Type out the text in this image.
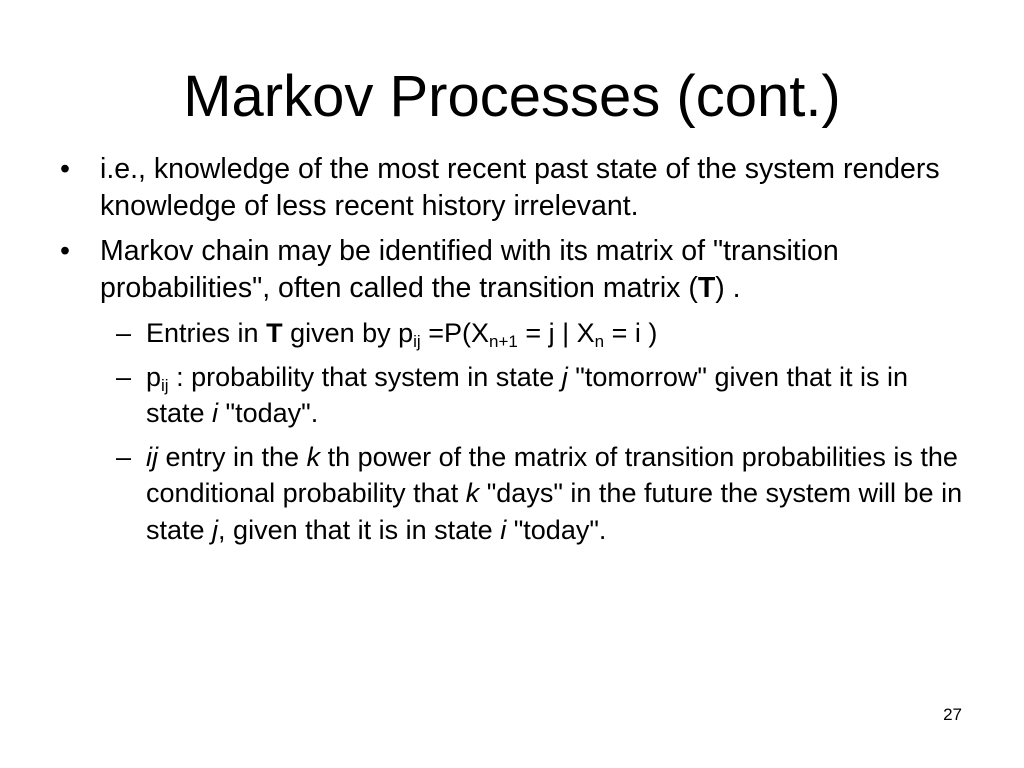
Markov Processes (cont.)
•	i.e., knowledge of the most recent past state of the system renders knowledge of less recent history irrelevant.
•	Markov chain may be identified with its matrix of "transition probabilities", often called the transition matrix (T) .
– Entries in T given by $p_{ij} =P(X_{n+1} = j$ | $X_n = i$ )
– $p_{ij}$ : probability that system in state j "tomorrow" given that it is in state i "today".
– ij entry in the k th power of the matrix of transition probabilities is the conditional probability that k "days" in the future the system will be in state j, given that it is in state i "today".
27
